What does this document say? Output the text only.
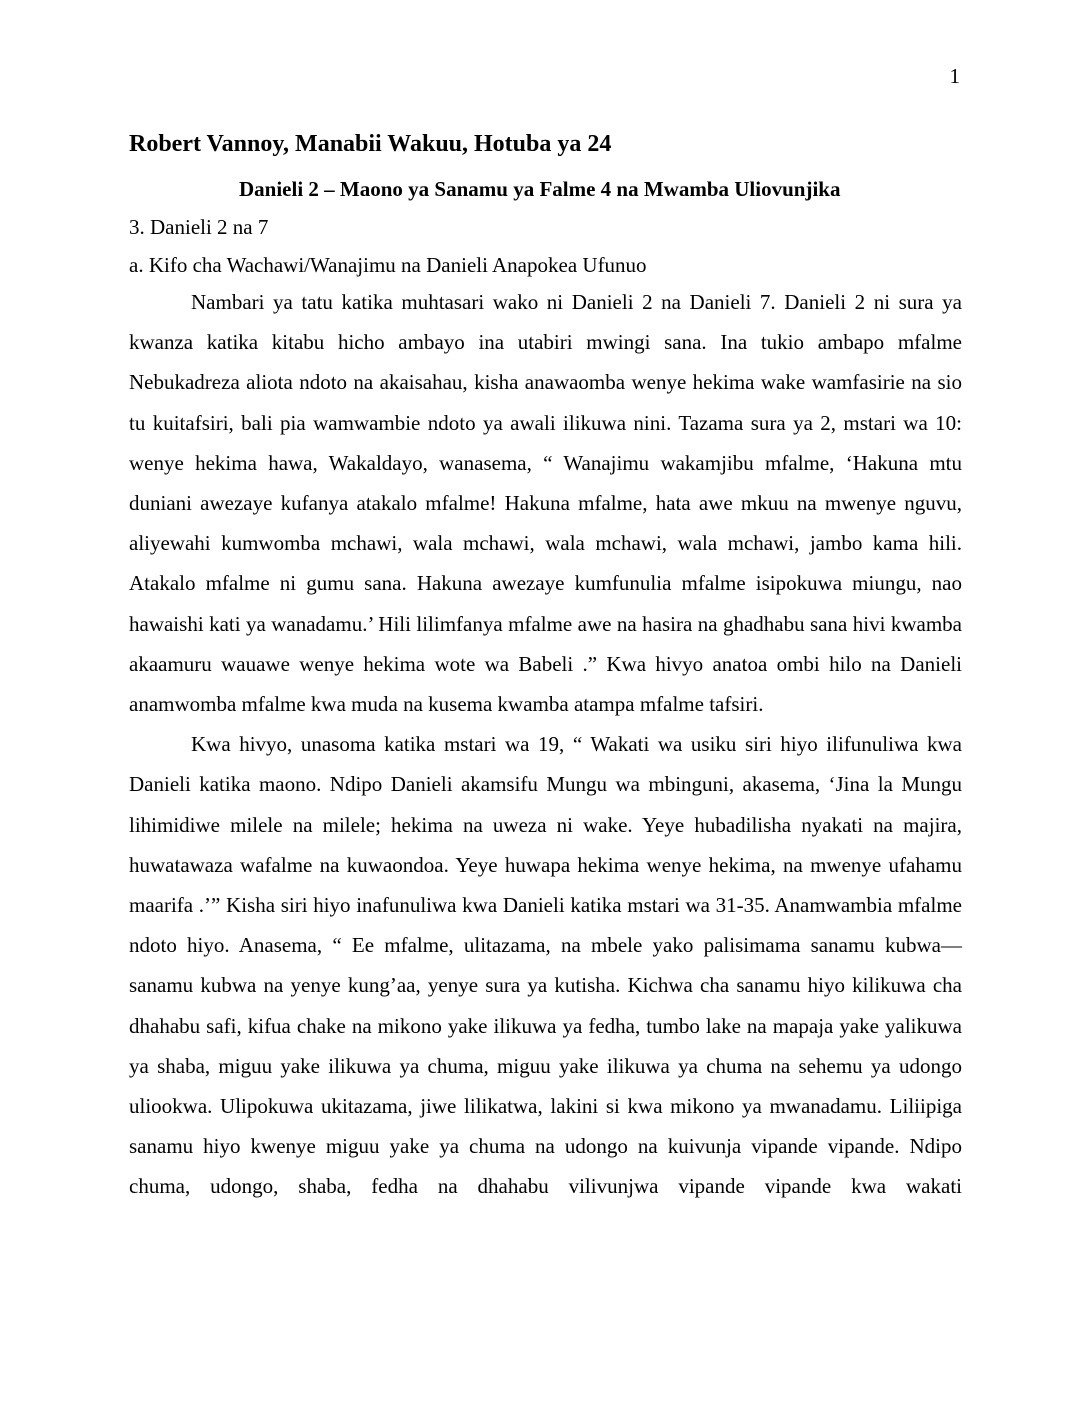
1
Robert Vannoy, Manabii Wakuu, Hotuba ya 24
Danieli 2 – Maono ya Sanamu ya Falme 4 na Mwamba Uliovunjika
3. Danieli 2 na 7
a. Kifo cha Wachawi/Wanajimu na Danieli Anapokea Ufunuo

Nambari ya tatu katika muhtasari wako ni Danieli 2 na Danieli 7. Danieli 2 ni sura ya kwanza katika kitabu hicho ambayo ina utabiri mwingi sana. Ina tukio ambapo mfalme Nebukadreza aliota ndoto na akaisahau, kisha anawaomba wenye hekima wake wamfasirie na sio tu kuitafsiri, bali pia wamwambie ndoto ya awali ilikuwa nini. Tazama sura ya 2, mstari wa 10: wenye hekima hawa, Wakaldayo, wanasema, “ Wanajimu wakamjibu mfalme, ‘Hakuna mtu duniani awezaye kufanya atakalo mfalme! Hakuna mfalme, hata awe mkuu na mwenye nguvu, aliyewahi kumwomba mchawi, wala mchawi, wala mchawi, wala mchawi, jambo kama hili. Atakalo mfalme ni gumu sana. Hakuna awezaye kumfunulia mfalme isipokuwa miungu, nao hawaishi kati ya wanadamu.’ Hili lilimfanya mfalme awe na hasira na ghadhabu sana hivi kwamba akaamuru wauawe wenye hekima wote wa Babeli .” Kwa hivyo anatoa ombi hilo na Danieli anamwomba mfalme kwa muda na kusema kwamba atampa mfalme tafsiri.

Kwa hivyo, unasoma katika mstari wa 19, “ Wakati wa usiku siri hiyo ilifunuliwa kwa Danieli katika maono. Ndipo Danieli akamsifu Mungu wa mbinguni, akasema, ‘Jina la Mungu lihimidiwe milele na milele; hekima na uweza ni wake. Yeye hubadilisha nyakati na majira, huwatawaza wafalme na kuwaondoa. Yeye huwapa hekima wenye hekima, na mwenye ufahamu maarifa .’” Kisha siri hiyo inafunuliwa kwa Danieli katika mstari wa 31-35. Anamwambia mfalme ndoto hiyo. Anasema, “ Ee mfalme, ulitazama, na mbele yako palisimama sanamu kubwa—sanamu kubwa na yenye kung’aa, yenye sura ya kutisha. Kichwa cha sanamu hiyo kilikuwa cha dhahabu safi, kifua chake na mikono yake ilikuwa ya fedha, tumbo lake na mapaja yake yalikuwa ya shaba, miguu yake ilikuwa ya chuma, miguu yake ilikuwa ya chuma na sehemu ya udongo uliookwa. Ulipokuwa ukitazama, jiwe lilikatwa, lakini si kwa mikono ya mwanadamu. Liliipiga sanamu hiyo kwenye miguu yake ya chuma na udongo na kuivunja vipande vipande. Ndipo chuma, udongo, shaba, fedha na dhahabu vilivunjwa vipande vipande kwa wakati
